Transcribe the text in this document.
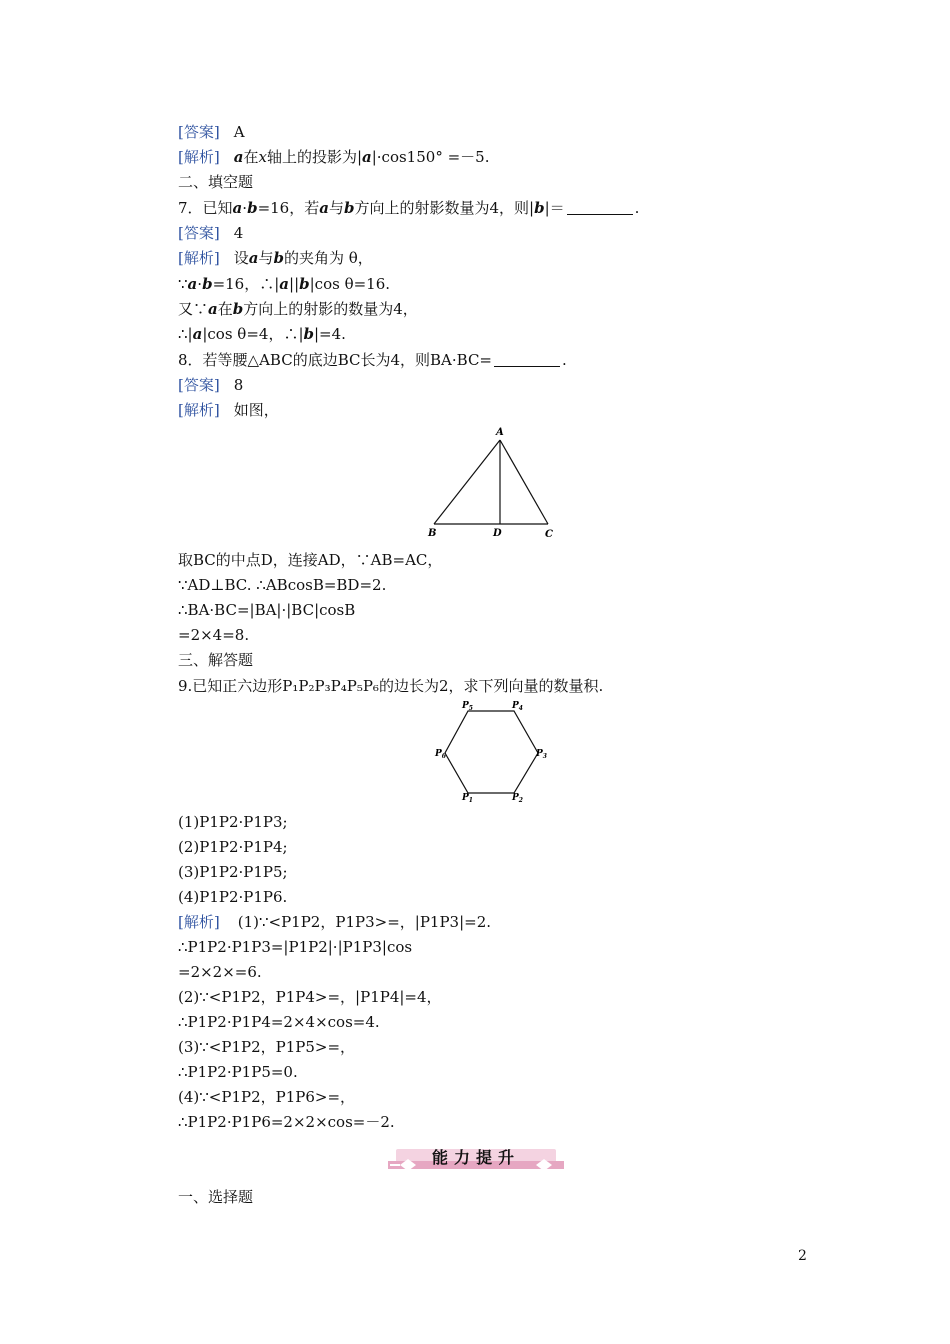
[答案] A
[解析] a在x轴上的投影为|a|·cos150° =－5.
二、填空题
7．已知a·b=16，若a与b方向上的射影数量为4，则|b|＝	.
[答案] 4
[解析] 设a与b的夹角为 θ，
∵a·b=16，∴|a||b|cos θ=16.
又∵a在b方向上的射影的数量为4，
∴|a|cos θ=4，∴|b|=4.
8．若等腰△ABC的底边BC长为4，则BA·BC=	.
[答案] 8
[解析] 如图，
A
B	D	C
取BC的中点D，连接AD，∵AB=AC，
∵AD⊥BC. ∴ABcosB=BD=2.
∴BA·BC=|BA|·|BC|cosB
=2×4=8.
三、解答题
9.已知正六边形P₁P₂P₃P₄P₅P₆的边长为2，求下列向量的数量积.
$P_5$	$P_4$
$P_6$	$P_3$
$P_1$	$P_2$
(1)P1P2·P1P3;
(2)P1P2·P1P4;
(3)P1P2·P1P5;
(4)P1P2·P1P6.
[解析] (1)∵<P1P2，P1P3>=，|P1P3|=2.
∴P1P2·P1P3=|P1P2|·|P1P3|cos
=2×2×=6.
(2)∵<P1P2，P1P4>=，|P1P4|=4，
∴P1P2·P1P4=2×4×cos=4.
(3)∵<P1P2，P1P5>=，
∴P1P2·P1P5=0.
(4)∵<P1P2，P1P6>=，
∴P1P2·P1P6=2×2×cos=－2.
能力提升
一、选择题
2
